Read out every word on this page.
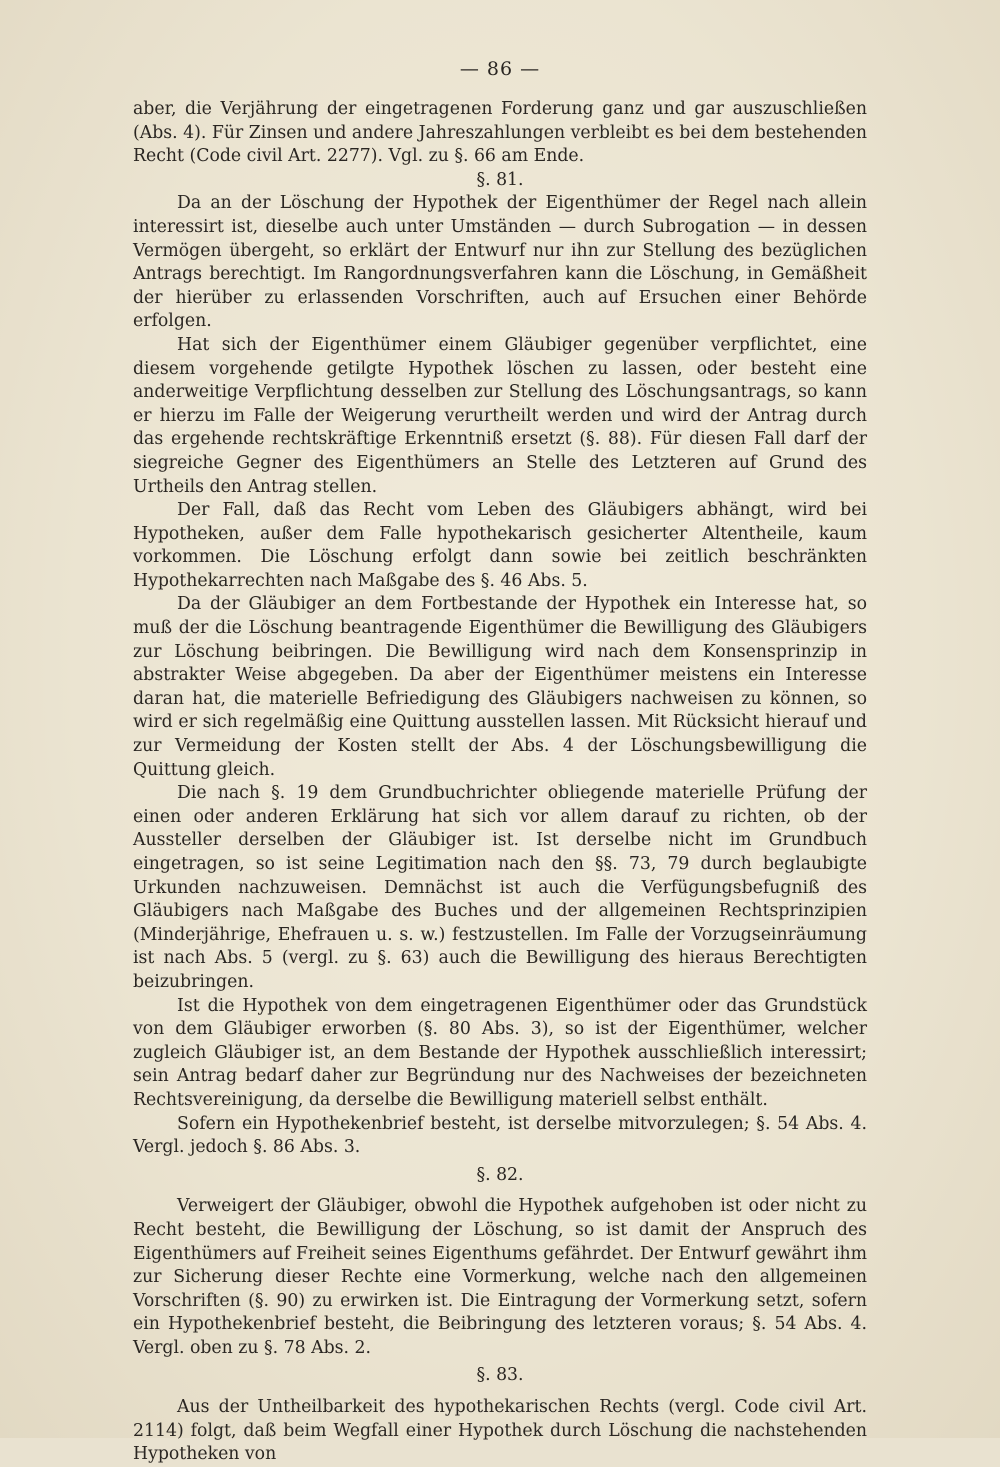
— 86 —

aber, die Verjährung der eingetragenen Forderung ganz und gar auszuschließen (Abs. 4). Für Zinsen und andere Jahreszahlungen verbleibt es bei dem bestehenden Recht (Code civil Art. 2277). Vgl. zu §. 66 am Ende.

§. 81.

Da an der Löschung der Hypothek der Eigenthümer der Regel nach allein interessirt ist, dieselbe auch unter Umständen — durch Subrogation — in dessen Vermögen übergeht, so erklärt der Entwurf nur ihn zur Stellung des bezüglichen Antrags berechtigt. Im Rangordnungsverfahren kann die Löschung, in Gemäßheit der hierüber zu erlassenden Vorschriften, auch auf Ersuchen einer Behörde erfolgen.

Hat sich der Eigenthümer einem Gläubiger gegenüber verpflichtet, eine diesem vorgehende getilgte Hypothek löschen zu lassen, oder besteht eine anderweitige Verpflichtung desselben zur Stellung des Löschungsantrags, so kann er hierzu im Falle der Weigerung verurtheilt werden und wird der Antrag durch das ergehende rechtskräftige Erkenntniß ersetzt (§. 88). Für diesen Fall darf der siegreiche Gegner des Eigenthümers an Stelle des Letzteren auf Grund des Urtheils den Antrag stellen.

Der Fall, daß das Recht vom Leben des Gläubigers abhängt, wird bei Hypotheken, außer dem Falle hypothekarisch gesicherter Altentheile, kaum vorkommen. Die Löschung erfolgt dann sowie bei zeitlich beschränkten Hypothekarrechten nach Maßgabe des §. 46 Abs. 5.

Da der Gläubiger an dem Fortbestande der Hypothek ein Interesse hat, so muß der die Löschung beantragende Eigenthümer die Bewilligung des Gläubigers zur Löschung beibringen. Die Bewilligung wird nach dem Konsensprinzip in abstrakter Weise abgegeben. Da aber der Eigenthümer meistens ein Interesse daran hat, die materielle Befriedigung des Gläubigers nachweisen zu können, so wird er sich regelmäßig eine Quittung ausstellen lassen. Mit Rücksicht hierauf und zur Vermeidung der Kosten stellt der Abs. 4 der Löschungsbewilligung die Quittung gleich.

Die nach §. 19 dem Grundbuchrichter obliegende materielle Prüfung der einen oder anderen Erklärung hat sich vor allem darauf zu richten, ob der Aussteller derselben der Gläubiger ist. Ist derselbe nicht im Grundbuch eingetragen, so ist seine Legitimation nach den §§. 73, 79 durch beglaubigte Urkunden nachzuweisen. Demnächst ist auch die Verfügungsbefugniß des Gläubigers nach Maßgabe des Buches und der allgemeinen Rechtsprinzipien (Minderjährige, Ehefrauen u. s. w.) festzustellen. Im Falle der Vorzugseinräumung ist nach Abs. 5 (vergl. zu §. 63) auch die Bewilligung des hieraus Berechtigten beizubringen.

Ist die Hypothek von dem eingetragenen Eigenthümer oder das Grundstück von dem Gläubiger erworben (§. 80 Abs. 3), so ist der Eigenthümer, welcher zugleich Gläubiger ist, an dem Bestande der Hypothek ausschließlich interessirt; sein Antrag bedarf daher zur Begründung nur des Nachweises der bezeichneten Rechtsvereinigung, da derselbe die Bewilligung materiell selbst enthält.

Sofern ein Hypothekenbrief besteht, ist derselbe mitvorzulegen; §. 54 Abs. 4. Vergl. jedoch §. 86 Abs. 3.

§. 82.

Verweigert der Gläubiger, obwohl die Hypothek aufgehoben ist oder nicht zu Recht besteht, die Bewilligung der Löschung, so ist damit der Anspruch des Eigenthümers auf Freiheit seines Eigenthums gefährdet. Der Entwurf gewährt ihm zur Sicherung dieser Rechte eine Vormerkung, welche nach den allgemeinen Vorschriften (§. 90) zu erwirken ist. Die Eintragung der Vormerkung setzt, sofern ein Hypothekenbrief besteht, die Beibringung des letzteren voraus; §. 54 Abs. 4. Vergl. oben zu §. 78 Abs. 2.

§. 83.

Aus der Untheilbarkeit des hypothekarischen Rechts (vergl. Code civil Art. 2114) folgt, daß beim Wegfall einer Hypothek durch Löschung die nachstehenden Hypotheken von
